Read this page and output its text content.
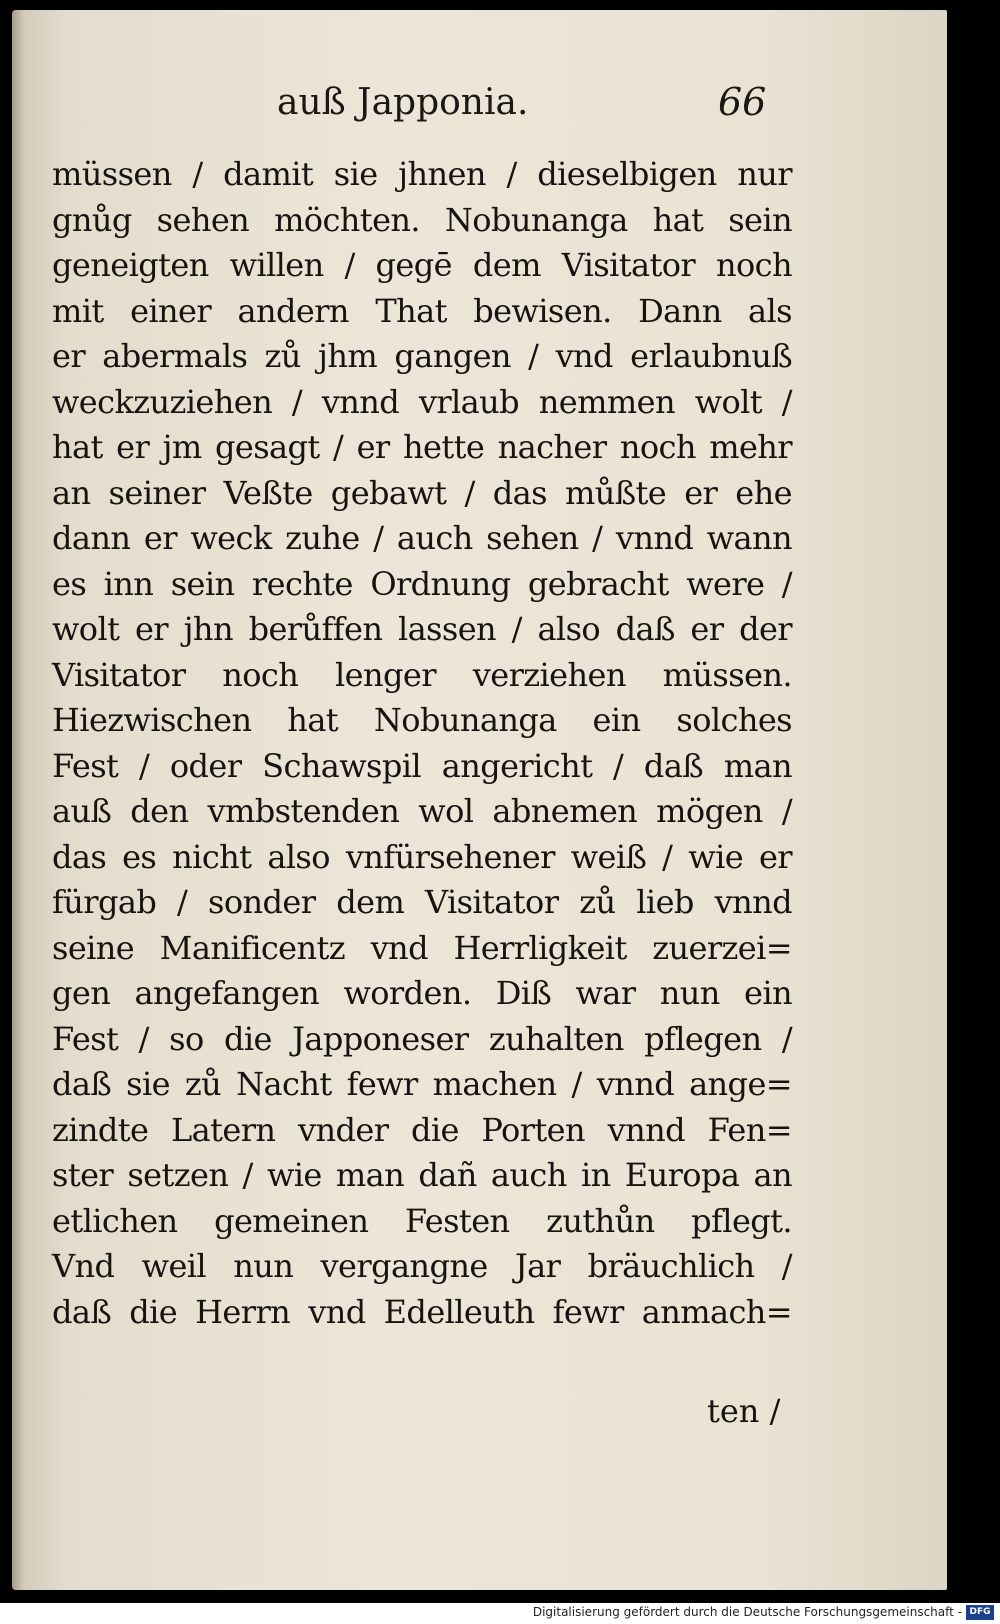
auß Japponia.	66
müssen / damit sie jhnen / dieselbigen nur
gnůg sehen möchten. Nobunanga hat sein
geneigten willen / gegē dem Visitator noch
mit einer andern That bewisen. Dann als
er abermals zů jhm gangen / vnd erlaubnuß
weckzuziehen / vnnd vrlaub nemmen wolt /
hat er jm gesagt / er hette nacher noch mehr
an seiner Veßte gebawt / das můßte er ehe
dann er weck zuhe / auch sehen / vnnd wann
es inn sein rechte Ordnung gebracht were /
wolt er jhn berůffen lassen / also daß er der
Visitator noch lenger verziehen müssen.
Hiezwischen hat Nobunanga ein solches
Fest / oder Schawspil angericht / daß man
auß den vmbstenden wol abnemen mögen /
das es nicht also vnfürsehener weiß / wie er
fürgab / sonder dem Visitator zů lieb vnnd
seine Manificentz vnd Herrligkeit zuerzei=
gen angefangen worden. Diß war nun ein
Fest / so die Japponeser zuhalten pflegen /
daß sie zů Nacht fewr machen / vnnd ange=
zindte Latern vnder die Porten vnnd Fen=
ster setzen / wie man dañ auch in Europa an
etlichen gemeinen Festen zuthůn pflegt.
Vnd weil nun vergangne Jar bräuchlich /
daß die Herrn vnd Edelleuth fewr anmach=
ten /
Digitalisierung gefördert durch die Deutsche Forschungsgemeinschaft - DFG
